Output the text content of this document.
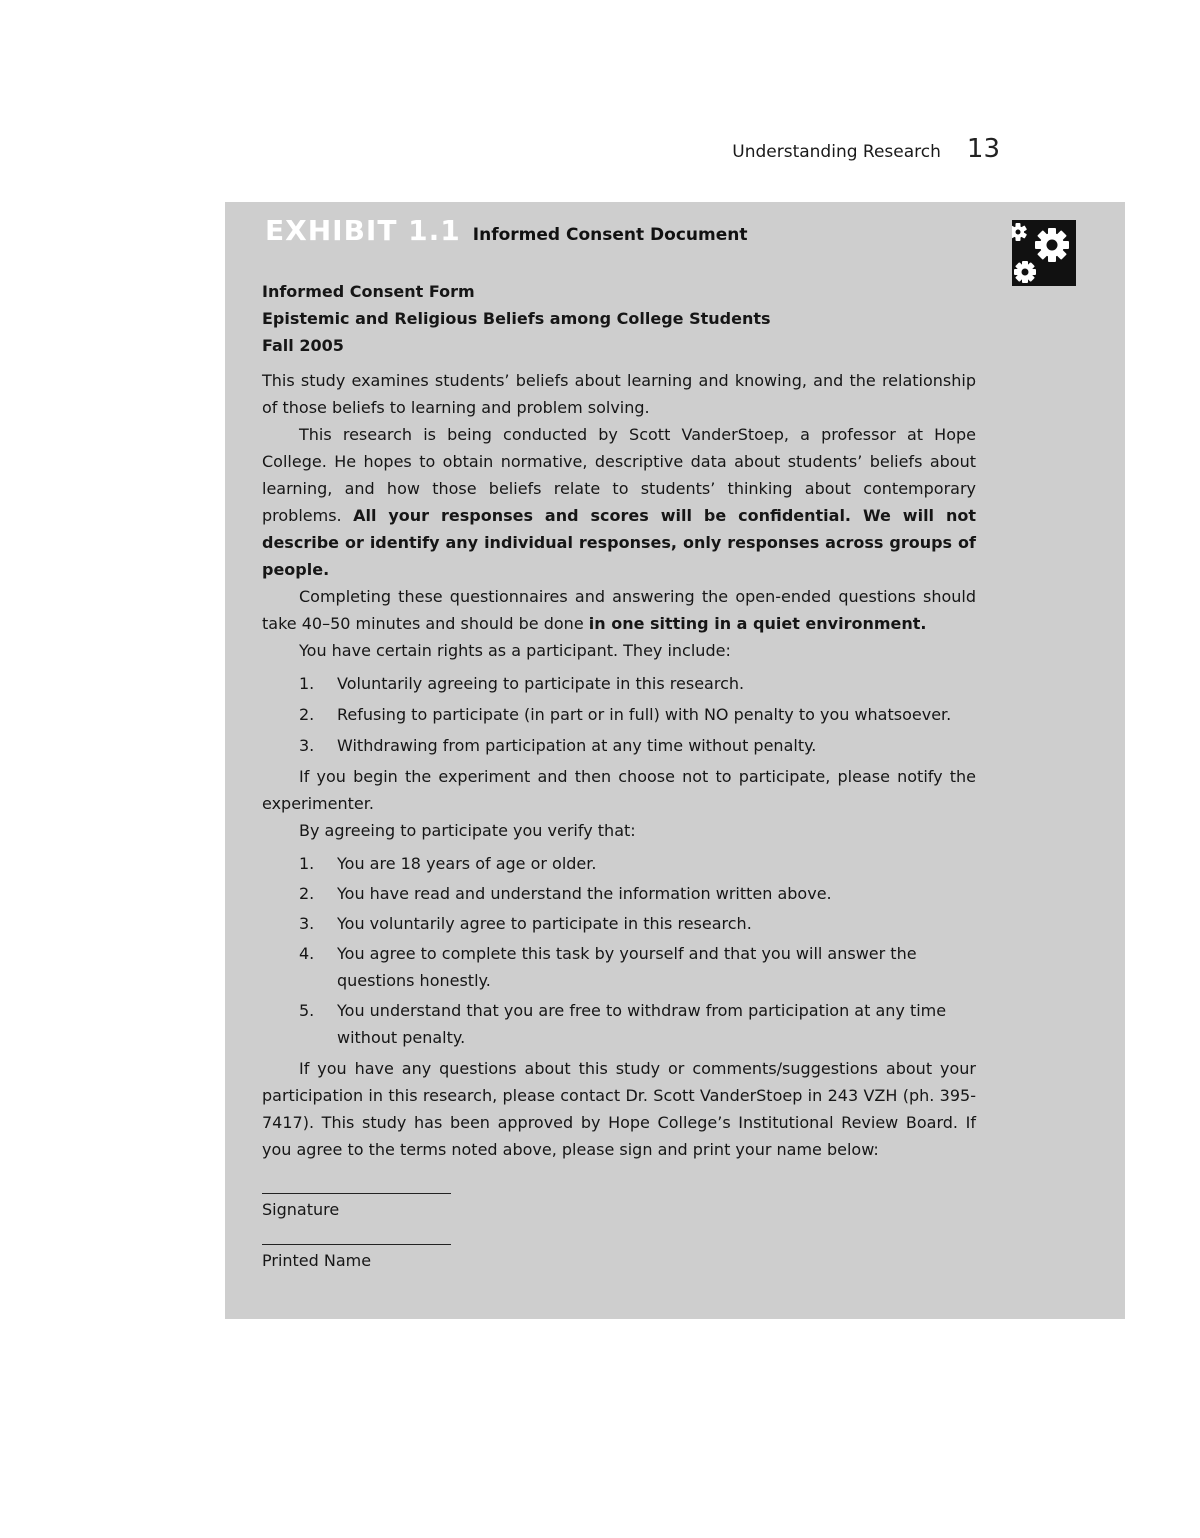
Understanding Research 13
EXHIBIT 1.1 Informed Consent Document
Informed Consent Form
Epistemic and Religious Beliefs among College Students
Fall 2005

This study examines students’ beliefs about learning and knowing, and the relationship of those beliefs to learning and problem solving.

This research is being conducted by Scott VanderStoep, a professor at Hope College. He hopes to obtain normative, descriptive data about students’ beliefs about learning, and how those beliefs relate to students’ thinking about contemporary problems. All your responses and scores will be confidential. We will not describe or identify any individual responses, only responses across groups of people.

Completing these questionnaires and answering the open-ended questions should take 40–50 minutes and should be done in one sitting in a quiet environment.

You have certain rights as a participant. They include:

1. Voluntarily agreeing to participate in this research.
2. Refusing to participate (in part or in full) with NO penalty to you whatsoever.
3. Withdrawing from participation at any time without penalty.

If you begin the experiment and then choose not to participate, please notify the experimenter.

By agreeing to participate you verify that:

1. You are 18 years of age or older.
2. You have read and understand the information written above.
3. You voluntarily agree to participate in this research.
4. You agree to complete this task by yourself and that you will answer the questions honestly.
5. You understand that you are free to withdraw from participation at any time without penalty.

If you have any questions about this study or comments/suggestions about your participation in this research, please contact Dr. Scott VanderStoep in 243 VZH (ph. 395-7417). This study has been approved by Hope College’s Institutional Review Board. If you agree to the terms noted above, please sign and print your name below:

Signature
Printed Name
